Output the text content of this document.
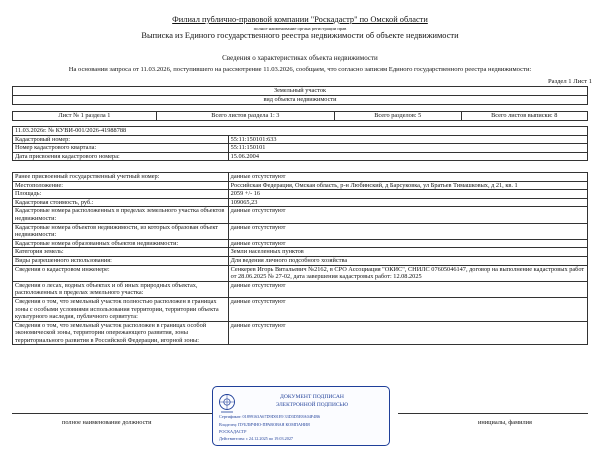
Филиал публично-правовой компании "Роскадастр" по Омской области
полное наименование органа регистрации прав
Выписка из Единого государственного реестра недвижимости об объекте недвижимости
Сведения о характеристиках объекта недвижимости
На основании запроса от 11.03.2026, поступившего на рассмотрение 11.03.2026, сообщаем, что согласно записям Единого государственного реестра недвижимости:
Раздел 1 Лист 1
Земельный участок
вид объекта недвижимости
Лист № 1 раздела 1	Всего листов раздела 1: 3	Всего разделов: 5	Всего листов выписки: 8
11.03.2026г. № КУВИ-001/2026-41988788	
Кадастровый номер:	55:11:150101:633
Номер кадастрового квартала:	55:11:150101
Дата присвоения кадастрового номера:	15.06.2004
Ранее присвоенный государственный учетный номер:	данные отсутствуют
Местоположение:	Российская Федерация, Омская область, р-н Любинский, д Барсуковка, ул Братьев Тимашковых, д 21, кв. 1
Площадь:	2059 +/- 16
Кадастровая стоимость, руб.:	109065,23
Кадастровые номера расположенных в пределах земельного участка объектов недвижимости:	данные отсутствуют
Кадастровые номера объектов недвижимости, из которых образован объект недвижимости:	данные отсутствуют
Кадастровые номера образованных объектов недвижимости:	данные отсутствуют
Категория земель:	Земли населенных пунктов
Виды разрешенного использования:	Для ведения личного подсобного хозяйства
Сведения о кадастровом инженере:	Сенкерев Игорь Витальевич №2162, в СРО Ассоциация "ОКИС", СНИЛС 07605046147, договор на выполнение кадастровых работ от 28.06.2025 № 27-02, дата завершения кадастровых работ: 12.08.2025
Сведения о лесах, водных объектах и об иных природных объектах, расположенных в пределах земельного участка:	данные отсутствуют
Сведения о том, что земельный участок полностью расположен в границах зоны с особыми условиями использования территории, территории объекта культурного наследия, публичного сервитута:	данные отсутствуют
Сведения о том, что земельный участок расположен в границах особой экономической зоны, территории опережающего развития, зоны территориального развития в Российской Федерации, игорной зоны:	данные отсутствуют
полное наименование должности	инициалы, фамилия
ДОКУМЕНТ ПОДПИСАН
ЭЛЕКТРОННОЙ ПОДПИСЬЮ
Сертификат: 01899163A67D9D01E9 33D3D5E8A04F4B6
Владелец: ПУБЛИЧНО-ПРАВОВАЯ КОМПАНИЯ
РОСКАДАСТР
Действителен: с 24.12.2025 по 19.03.2027
